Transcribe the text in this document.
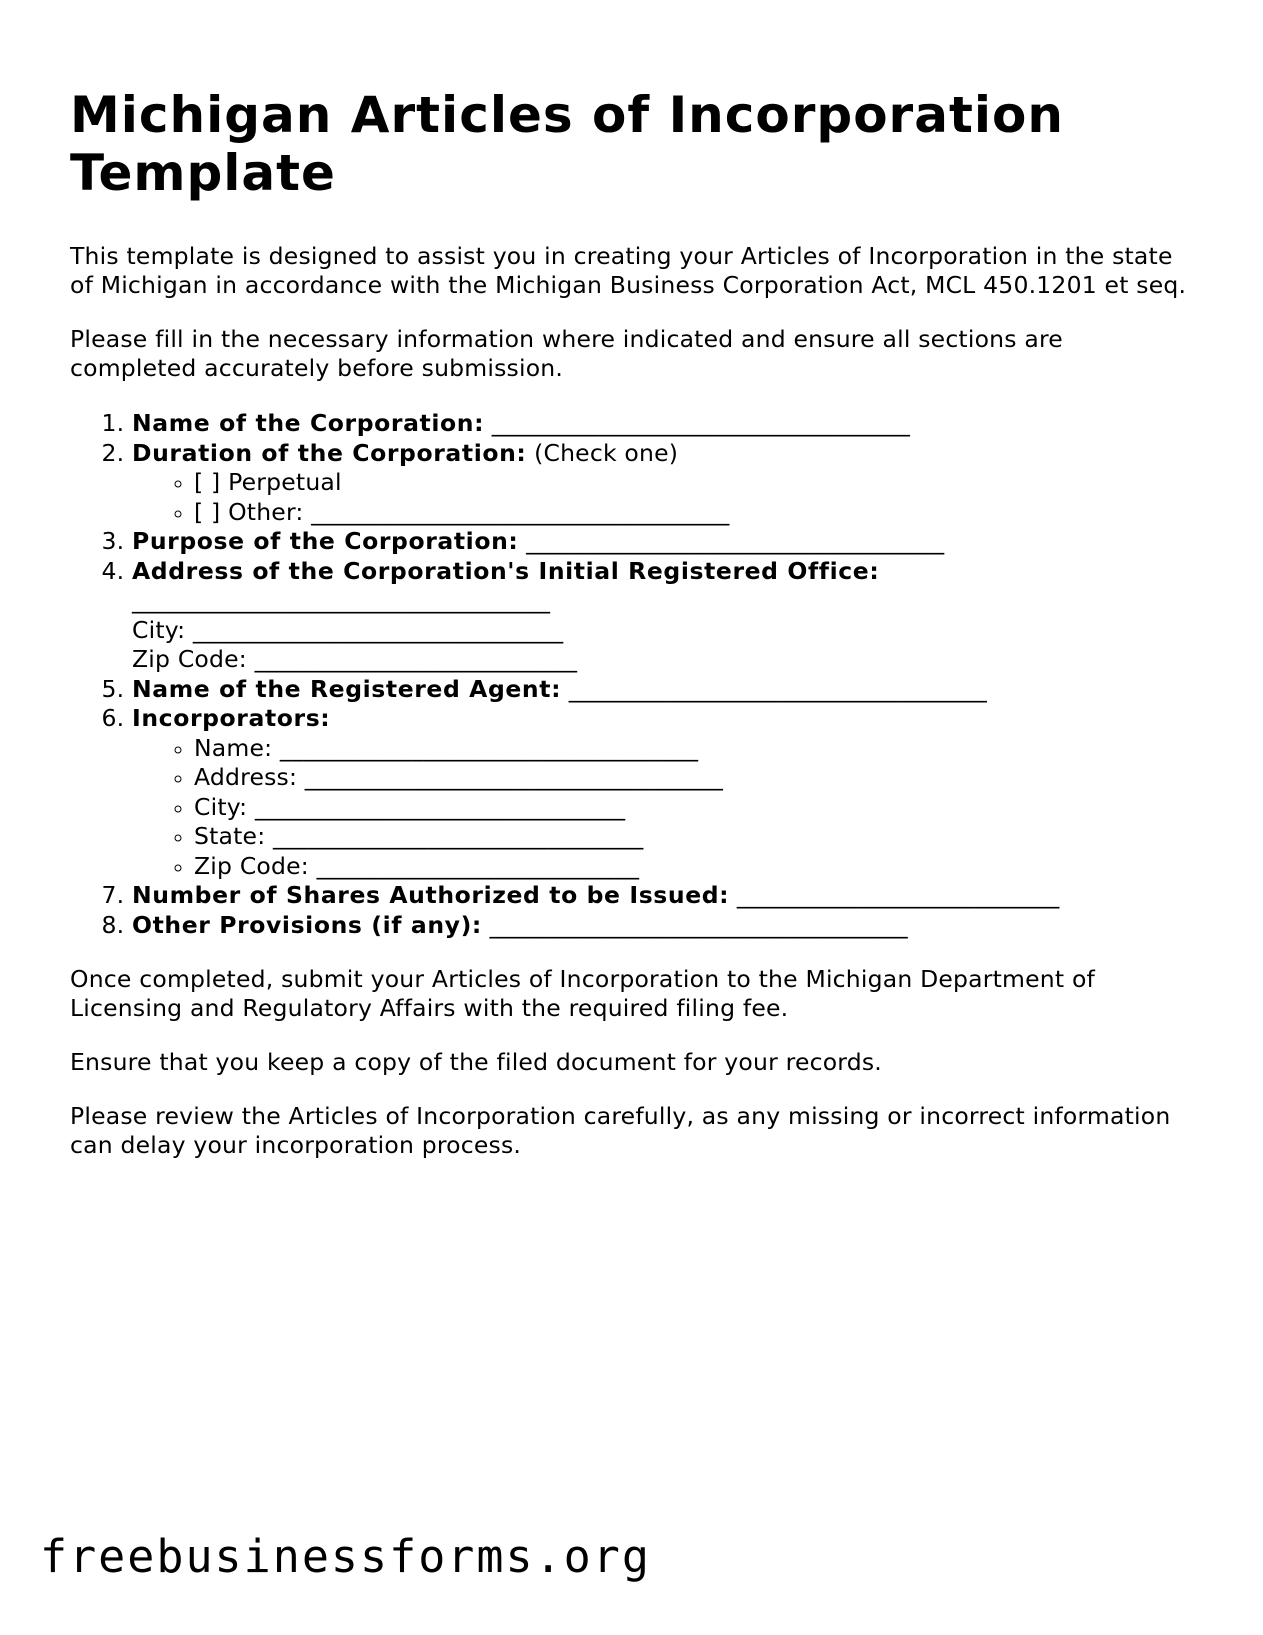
Michigan Articles of Incorporation Template

This template is designed to assist you in creating your Articles of Incorporation in the state of Michigan in accordance with the Michigan Business Corporation Act, MCL 450.1201 et seq.

Please fill in the necessary information where indicated and ensure all sections are completed accurately before submission.

1. Name of the Corporation: ___________________________________
2. Duration of the Corporation: (Check one)
◦ [ ] Perpetual
◦ [ ] Other: ___________________________________
3. Purpose of the Corporation: ___________________________________
4. Address of the Corporation's Initial Registered Office:
___________________________________
City: _______________________________
Zip Code: ___________________________
5. Name of the Registered Agent: ___________________________________
6. Incorporators:
◦ Name: ___________________________________
◦ Address: ___________________________________
◦ City: _______________________________
◦ State: _______________________________
◦ Zip Code: ___________________________
7. Number of Shares Authorized to be Issued: ___________________________
8. Other Provisions (if any): ___________________________________

Once completed, submit your Articles of Incorporation to the Michigan Department of Licensing and Regulatory Affairs with the required filing fee.

Ensure that you keep a copy of the filed document for your records.

Please review the Articles of Incorporation carefully, as any missing or incorrect information can delay your incorporation process.

freebusinessforms.org
